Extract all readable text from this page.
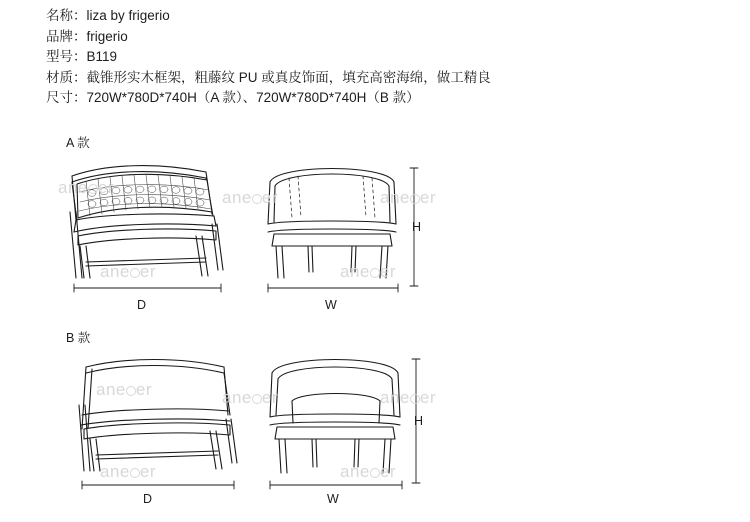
名称：liza by frigerio
品牌：frigerio
型号：B119
材质：截锥形实木框架，粗藤纹 PU 或真皮饰面，填充高密海绵，做工精良
尺寸：720W*780D*740H（A 款）、720W*780D*740H（B 款）
A 款
D	W
H
B 款
D	W
H
ane er
ane er	ane er
ane er	ane er
ane er	ane er	ane er
ane er	ane er
